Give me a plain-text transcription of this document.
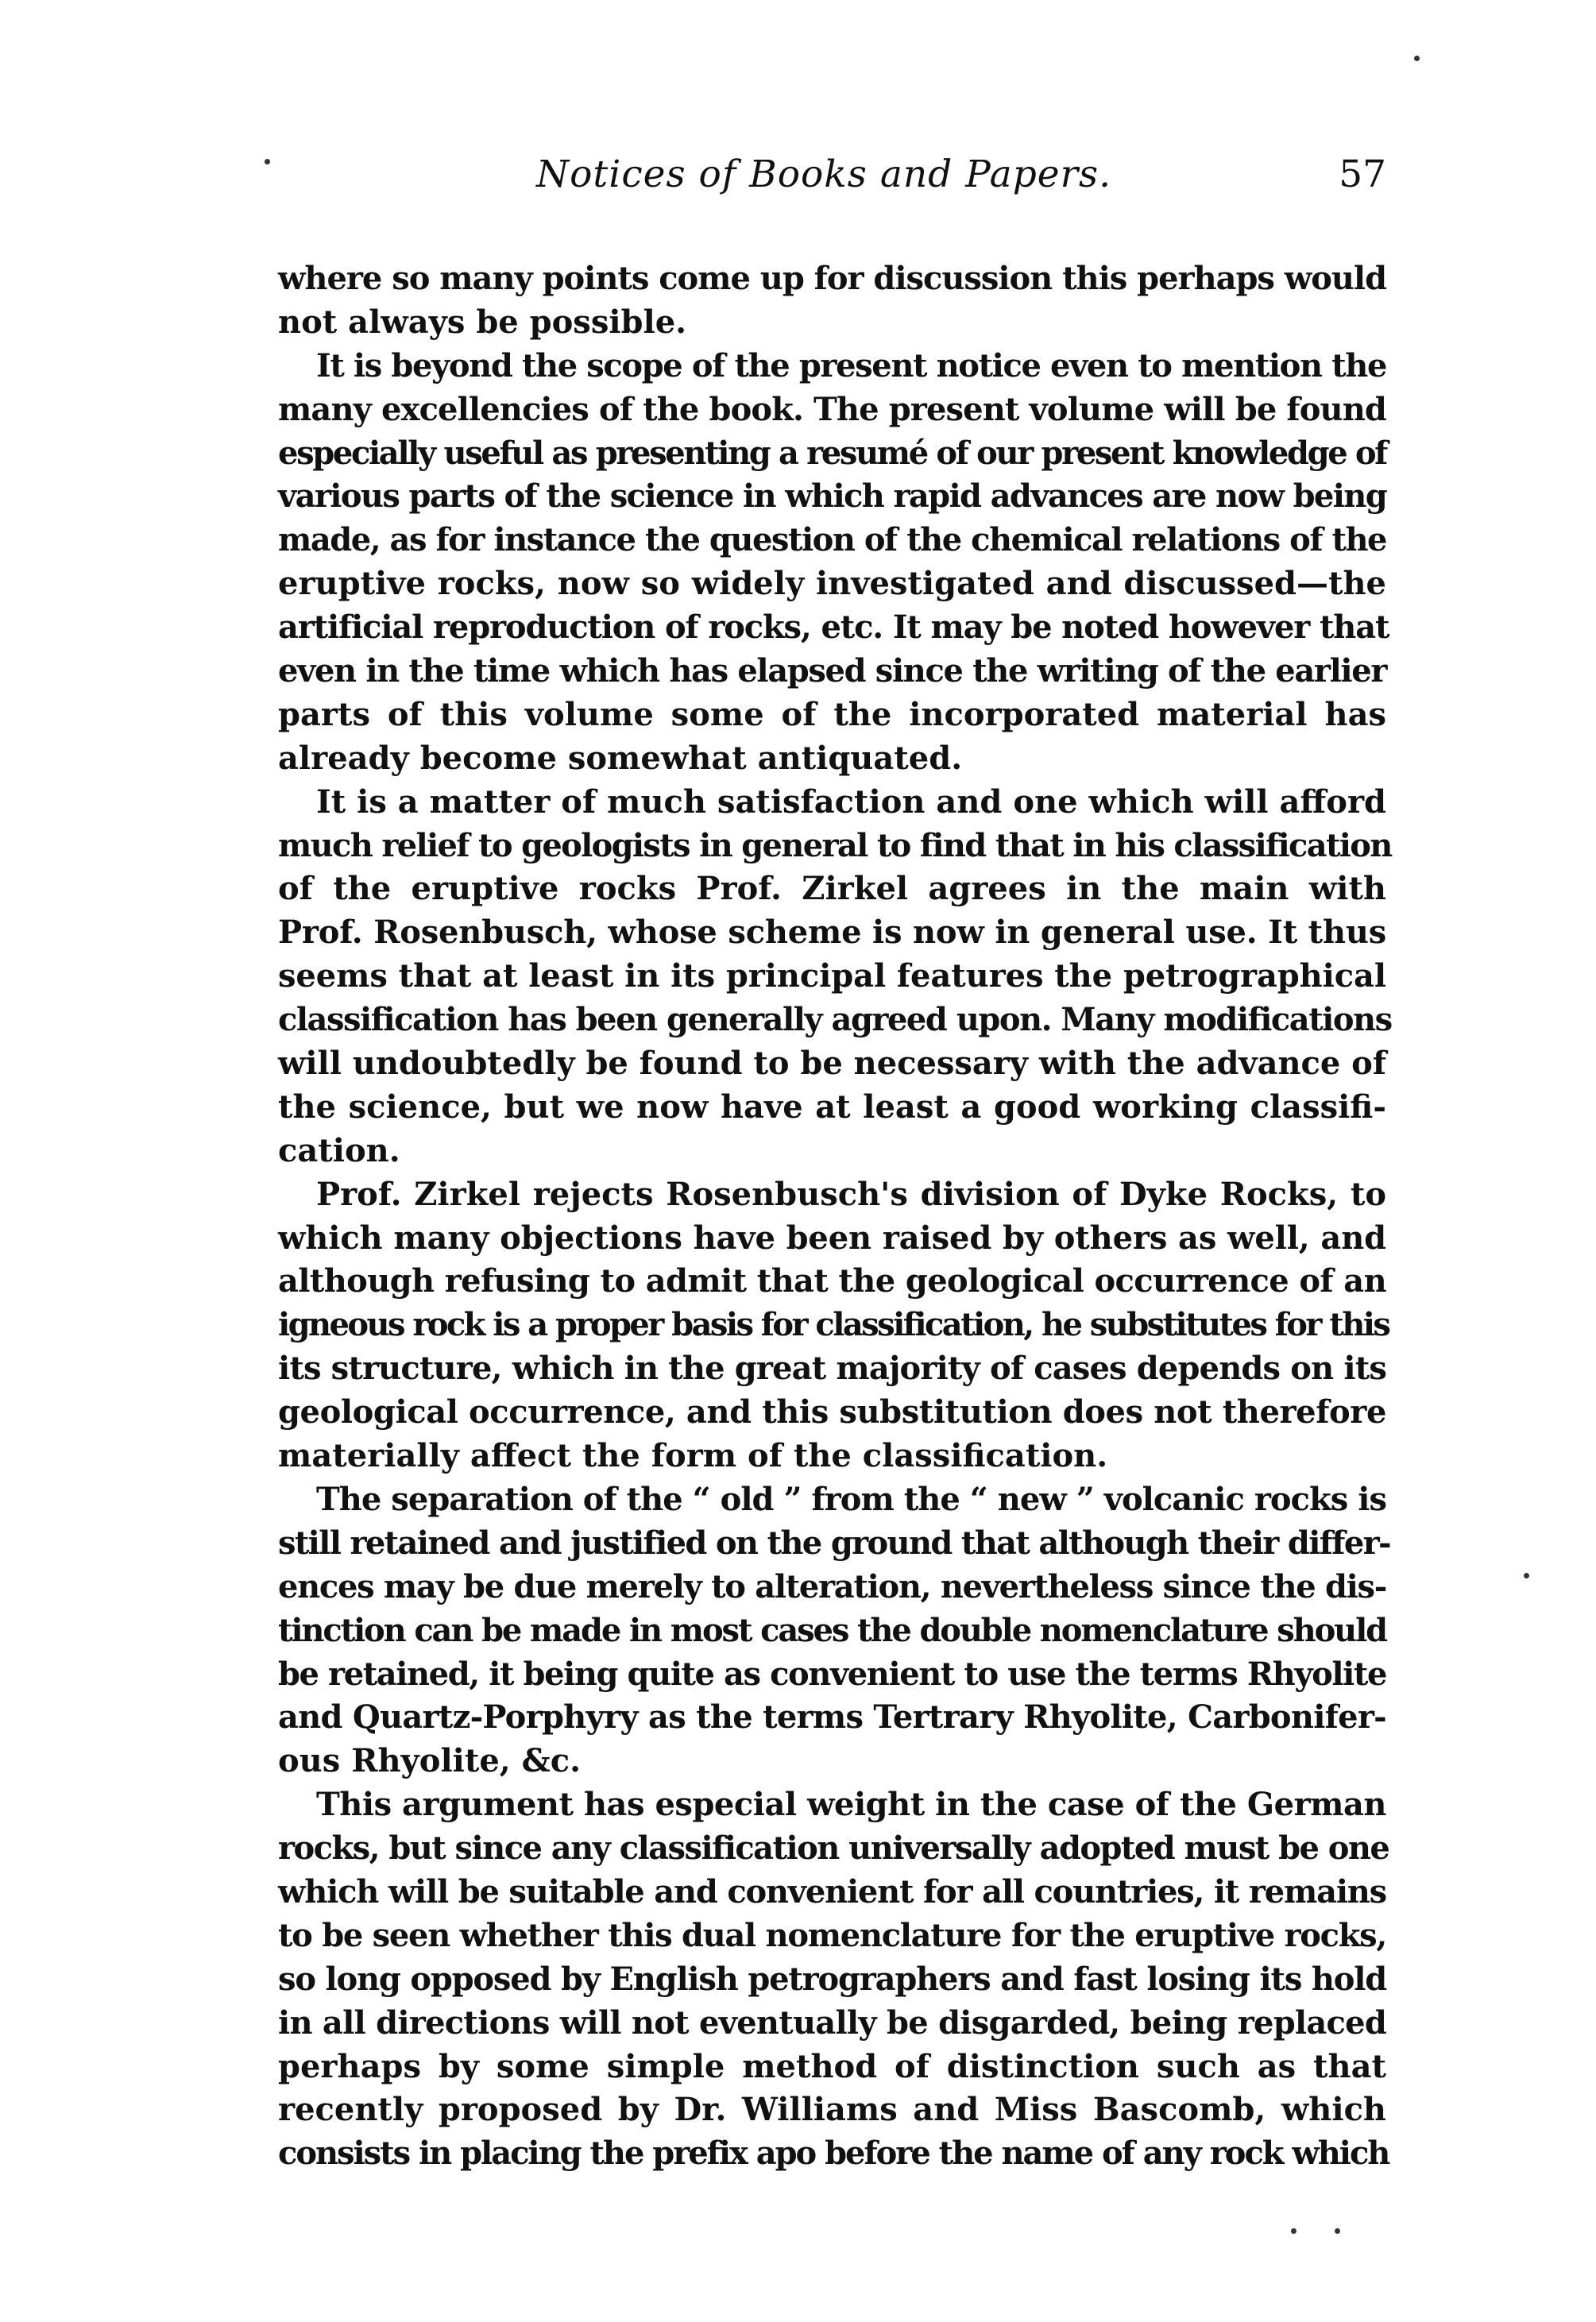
Notices of Books and Papers.	57

where so many points come up for discussion this perhaps would
not always be possible.

It is beyond the scope of the present notice even to mention the
many excellencies of the book. The present volume will be found
especially useful as presenting a resumé of our present knowledge of
various parts of the science in which rapid advances are now being
made, as for instance the question of the chemical relations of the
eruptive rocks, now so widely investigated and discussed—the
artificial reproduction of rocks, etc. It may be noted however that
even in the time which has elapsed since the writing of the earlier
parts of this volume some of the incorporated material has
already become somewhat antiquated.

It is a matter of much satisfaction and one which will afford
much relief to geologists in general to find that in his classification
of the eruptive rocks Prof. Zirkel agrees in the main with
Prof. Rosenbusch, whose scheme is now in general use. It thus
seems that at least in its principal features the petrographical
classification has been generally agreed upon. Many modifications
will undoubtedly be found to be necessary with the advance of
the science, but we now have at least a good working classifi-
cation.

Prof. Zirkel rejects Rosenbusch's division of Dyke Rocks, to
which many objections have been raised by others as well, and
although refusing to admit that the geological occurrence of an
igneous rock is a proper basis for classification, he substitutes for this
its structure, which in the great majority of cases depends on its
geological occurrence, and this substitution does not therefore
materially affect the form of the classification.

The separation of the “ old ” from the “ new ” volcanic rocks is
still retained and justified on the ground that although their differ-
ences may be due merely to alteration, nevertheless since the dis-
tinction can be made in most cases the double nomenclature should
be retained, it being quite as convenient to use the terms Rhyolite
and Quartz-Porphyry as the terms Tertrary Rhyolite, Carbonifer-
ous Rhyolite, &c.

This argument has especial weight in the case of the German
rocks, but since any classification universally adopted must be one
which will be suitable and convenient for all countries, it remains
to be seen whether this dual nomenclature for the eruptive rocks,
so long opposed by English petrographers and fast losing its hold
in all directions will not eventually be disgarded, being replaced
perhaps by some simple method of distinction such as that
recently proposed by Dr. Williams and Miss Bascomb, which
consists in placing the prefix apo before the name of any rock which
